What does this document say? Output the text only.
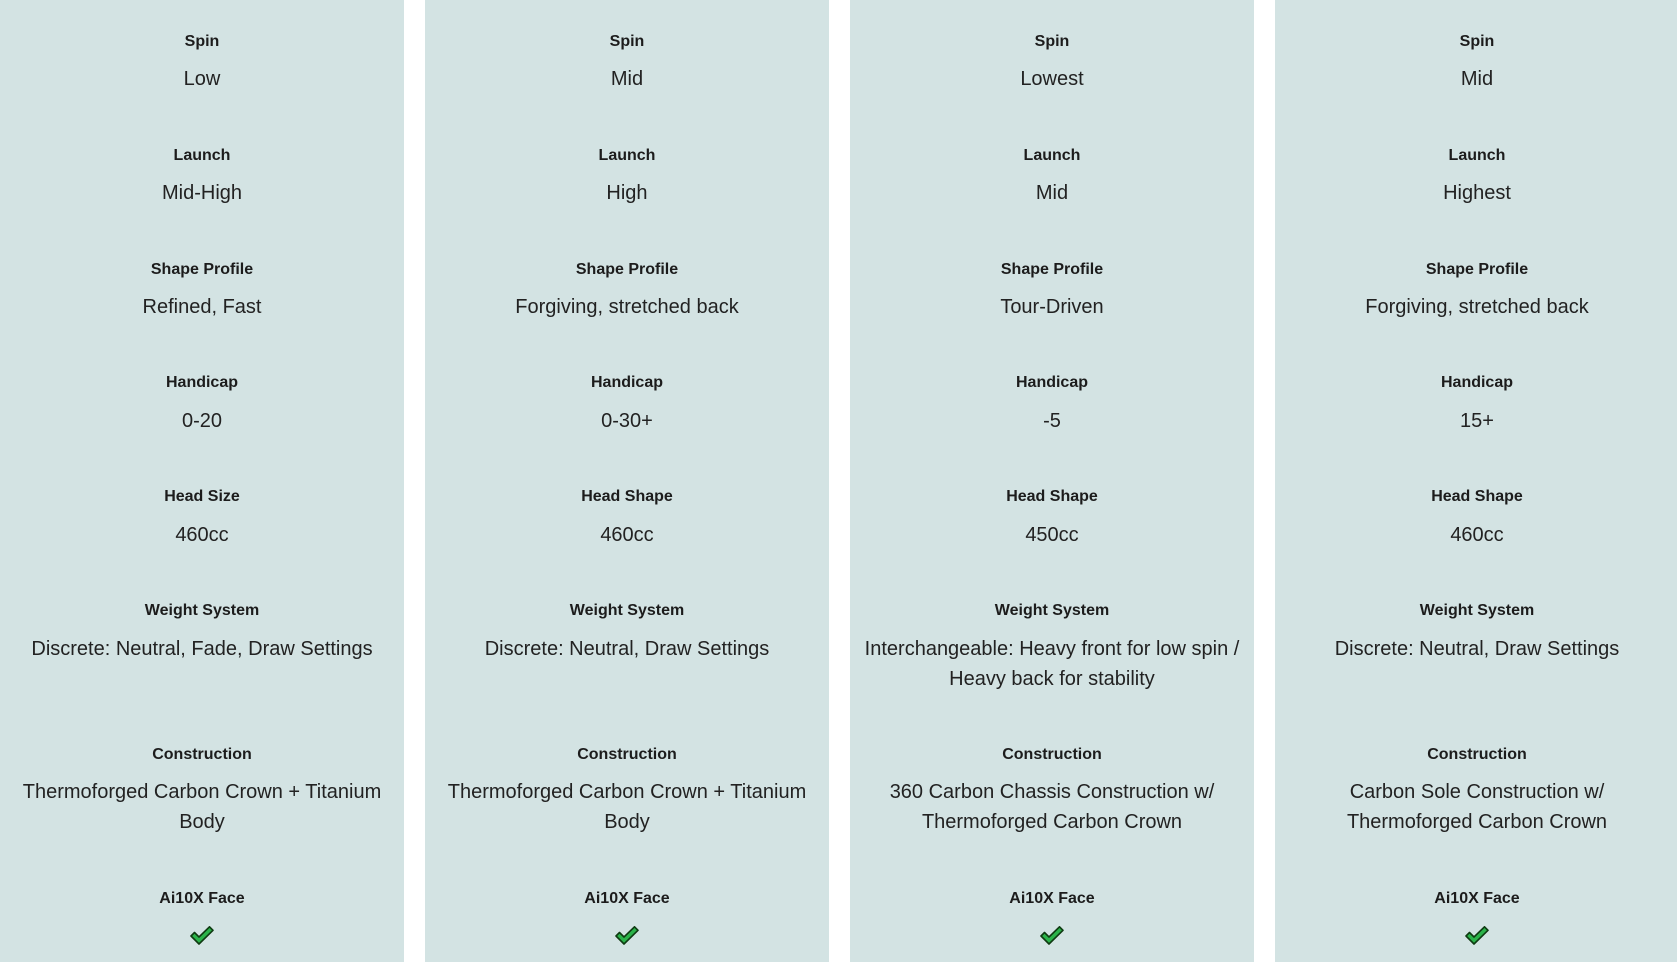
Spin
Low
Launch
Mid-High
Shape Profile
Refined, Fast
Handicap
0-20
Head Size
460cc
Weight System
Discrete: Neutral, Fade, Draw Settings
Construction
Thermoforged Carbon Crown + Titanium Body
Ai10X Face
Spin
Mid
Launch
High
Shape Profile
Forgiving, stretched back
Handicap
0-30+
Head Shape
460cc
Weight System
Discrete: Neutral, Draw Settings
Construction
Thermoforged Carbon Crown + Titanium Body
Ai10X Face
Spin
Lowest
Launch
Mid
Shape Profile
Tour-Driven
Handicap
-5
Head Shape
450cc
Weight System
Interchangeable: Heavy front for low spin / Heavy back for stability
Construction
360 Carbon Chassis Construction w/ Thermoforged Carbon Crown
Ai10X Face
Spin
Mid
Launch
Highest
Shape Profile
Forgiving, stretched back
Handicap
15+
Head Shape
460cc
Weight System
Discrete: Neutral, Draw Settings
Construction
Carbon Sole Construction w/ Thermoforged Carbon Crown
Ai10X Face
